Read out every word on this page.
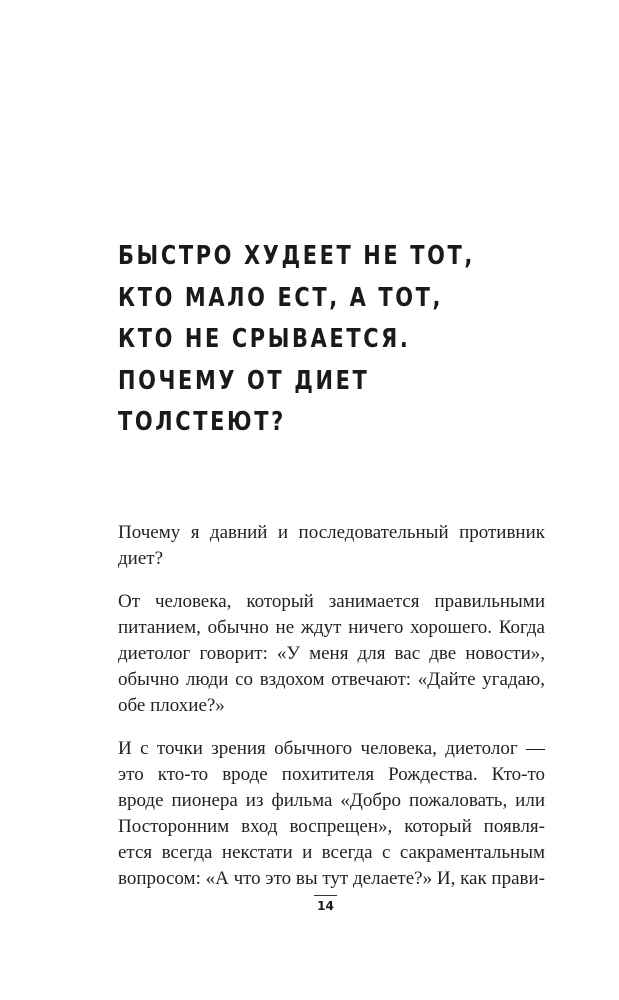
БЫСТРО ХУДЕЕТ НЕ ТОТ,
КТО МАЛО ЕСТ, А ТОТ,
КТО НЕ СРЫВАЕТСЯ.
ПОЧЕМУ ОТ ДИЕТ
ТОЛСТЕЮТ?

Почему я давний и последовательный противник
диет?

От человека, который занимается правильными
питанием, обычно не ждут ничего хорошего. Когда
диетолог говорит: «У меня для вас две новости»,
обычно люди со вздохом отвечают: «Дайте угадаю,
обе плохие?»

И с точки зрения обычного человека, диетолог —
это кто-то вроде похитителя Рождества. Кто-то
вроде пионера из фильма «Добро пожаловать, или
Посторонним вход воспрещен», который появля-
ется всегда некстати и всегда с сакраментальным
вопросом: «А что это вы тут делаете?» И, как прави-

14
